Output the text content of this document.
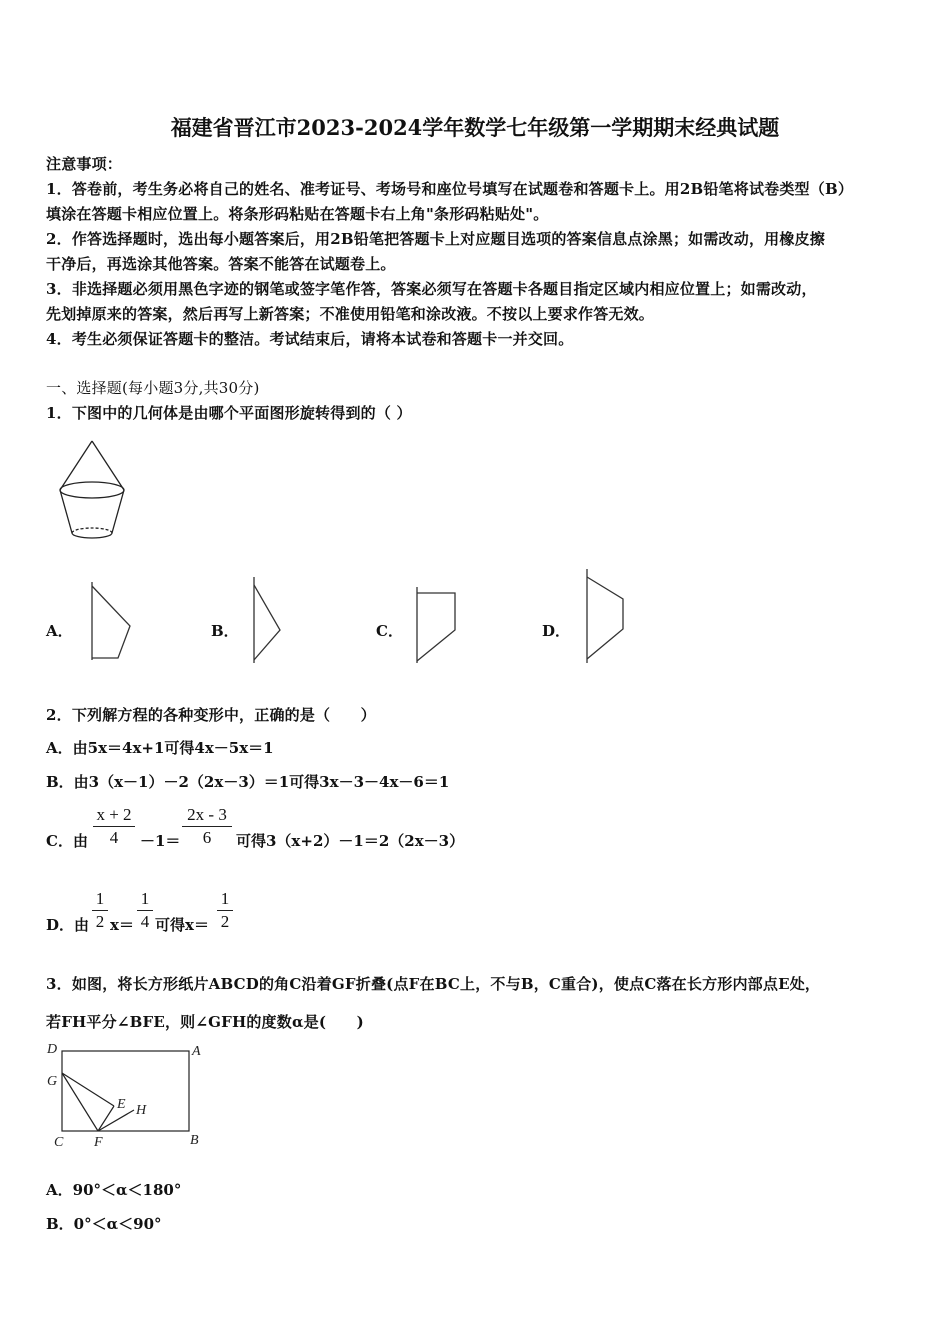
福建省晋江市2023-2024学年数学七年级第一学期期末经典试题
注意事项：
1．答卷前，考生务必将自己的姓名、准考证号、考场号和座位号填写在试题卷和答题卡上。用2B铅笔将试卷类型（B）
填涂在答题卡相应位置上。将条形码粘贴在答题卡右上角"条形码粘贴处"。
2．作答选择题时，选出每小题答案后，用2B铅笔把答题卡上对应题目选项的答案信息点涂黑；如需改动，用橡皮擦
干净后，再选涂其他答案。答案不能答在试题卷上。
3．非选择题必须用黑色字迹的钢笔或签字笔作答，答案必须写在答题卡各题目指定区域内相应位置上；如需改动，
先划掉原来的答案，然后再写上新答案；不准使用铅笔和涂改液。不按以上要求作答无效。
4．考生必须保证答题卡的整洁。考试结束后，请将本试卷和答题卡一并交回。
一、选择题(每小题3分,共30分)
1．下图中的几何体是由哪个平面图形旋转得到的（ ）
A．	B．	C．	D．
2．下列解方程的各种变形中，正确的是（　　）
A．由5x＝4x+1可得4x－5x＝1
B．由3（x－1）－2（2x－3）＝1可得3x－3－4x－6＝1
C．由
x + 2
4	－1＝
2x - 3
6	可得3（x+2）－1＝2（2x－3）
D．由
1
2 x＝
1
4 可得x＝
1
2
3．如图，将长方形纸片ABCD的角C沿着GF折叠(点F在BC上，不与B，C重合)，使点C落在长方形内部点E处，
若FH平分∠BFE，则∠GFH的度数α是(　　)
D	A
G
E H
C F	B
A．90°＜α＜180°
B．0°＜α＜90°
